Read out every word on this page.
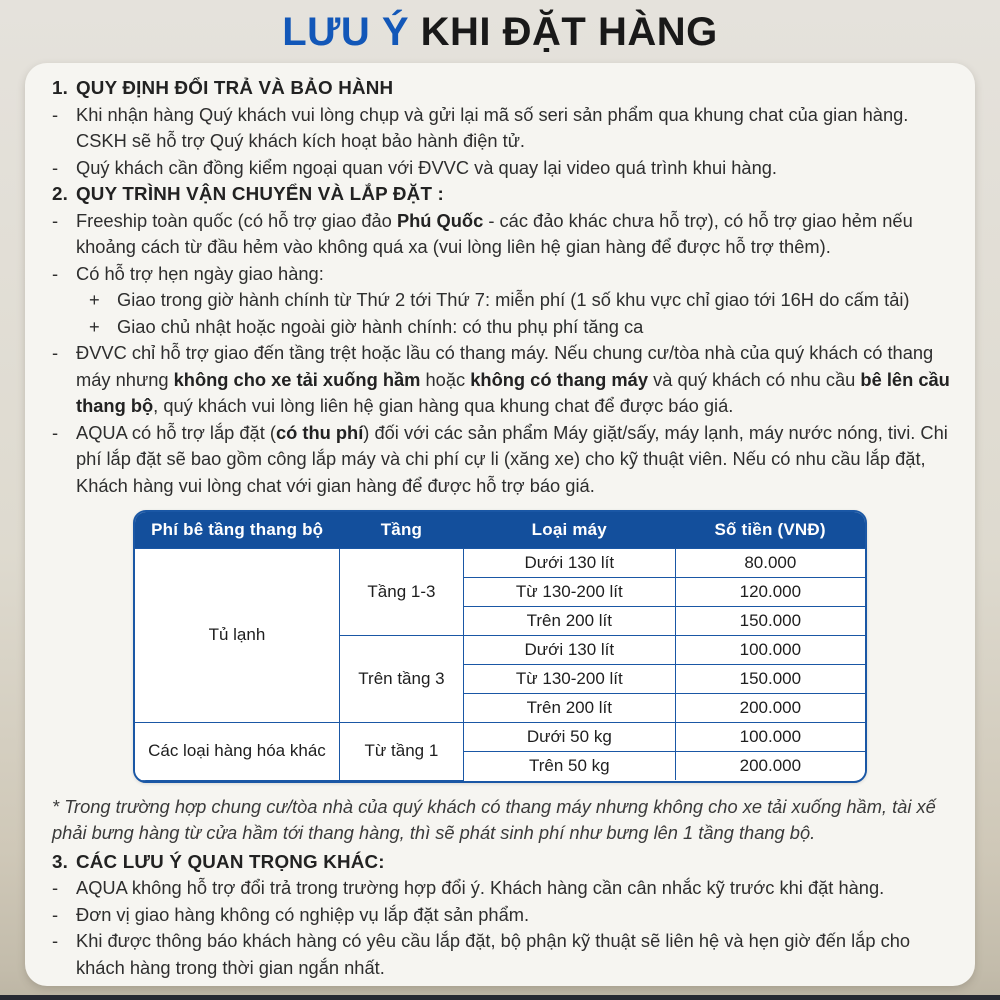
LƯU Ý KHI ĐẶT HÀNG
1. QUY ĐỊNH ĐỔI TRẢ VÀ BẢO HÀNH
- Khi nhận hàng Quý khách vui lòng chụp và gửi lại mã số seri sản phẩm qua khung chat của gian hàng. CSKH sẽ hỗ trợ Quý khách kích hoạt bảo hành điện tử.
- Quý khách cần đồng kiểm ngoại quan với ĐVVC và quay lại video quá trình khui hàng.
2. QUY TRÌNH VẬN CHUYỂN VÀ LẮP ĐẶT :
- Freeship toàn quốc (có hỗ trợ giao đảo Phú Quốc - các đảo khác chưa hỗ trợ), có hỗ trợ giao hẻm nếu khoảng cách từ đầu hẻm vào không quá xa (vui lòng liên hệ gian hàng để được hỗ trợ thêm).
- Có hỗ trợ hẹn ngày giao hàng:
+ Giao trong giờ hành chính từ Thứ 2 tới Thứ 7: miễn phí (1 số khu vực chỉ giao tới 16H do cấm tải)
+ Giao chủ nhật hoặc ngoài giờ hành chính: có thu phụ phí tăng ca
- ĐVVC chỉ hỗ trợ giao đến tầng trệt hoặc lầu có thang máy. Nếu chung cư/tòa nhà của quý khách có thang máy nhưng không cho xe tải xuống hầm hoặc không có thang máy và quý khách có nhu cầu bê lên cầu thang bộ, quý khách vui lòng liên hệ gian hàng qua khung chat để được báo giá.
- AQUA có hỗ trợ lắp đặt (có thu phí) đối với các sản phẩm Máy giặt/sấy, máy lạnh, máy nước nóng, tivi. Chi phí lắp đặt sẽ bao gồm công lắp máy và chi phí cự li (xăng xe) cho kỹ thuật viên. Nếu có nhu cầu lắp đặt, Khách hàng vui lòng chat với gian hàng để được hỗ trợ báo giá.
Phí bê tầng thang bộ	Tầng	Loại máy	Số tiền (VNĐ)
Tủ lạnh	Tầng 1-3	Dưới 130 lít	80.000
		Từ 130-200 lít	120.000
		Trên 200 lít	150.000
	Trên tầng 3	Dưới 130 lít	100.000
		Từ 130-200 lít	150.000
		Trên 200 lít	200.000
Các loại hàng hóa khác	Từ tầng 1	Dưới 50 kg	100.000
		Trên 50 kg	200.000
* Trong trường hợp chung cư/tòa nhà của quý khách có thang máy nhưng không cho xe tải xuống hầm, tài xế phải bưng hàng từ cửa hầm tới thang hàng, thì sẽ phát sinh phí như bưng lên 1 tầng thang bộ.
3. CÁC LƯU Ý QUAN TRỌNG KHÁC:
- AQUA không hỗ trợ đổi trả trong trường hợp đổi ý. Khách hàng cần cân nhắc kỹ trước khi đặt hàng.
- Đơn vị giao hàng không có nghiệp vụ lắp đặt sản phẩm.
- Khi được thông báo khách hàng có yêu cầu lắp đặt, bộ phận kỹ thuật sẽ liên hệ và hẹn giờ đến lắp cho khách hàng trong thời gian ngắn nhất.
